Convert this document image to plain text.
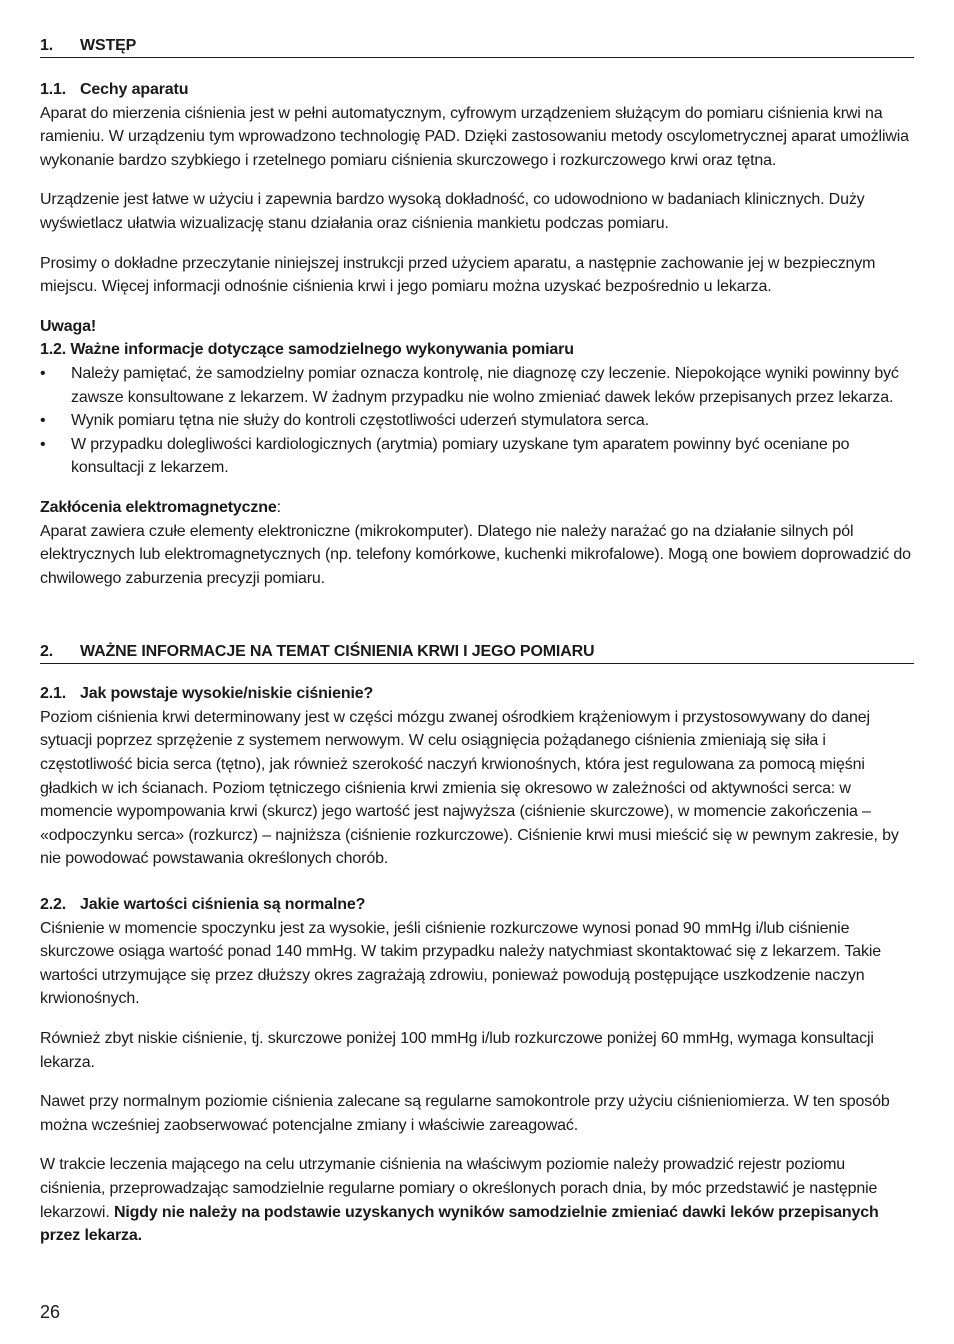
1.	WSTĘP
1.1. Cechy aparatu

Aparat do mierzenia ciśnienia jest w pełni automatycznym, cyfrowym urządzeniem służącym do pomiaru ciśnienia krwi na ramieniu. W urządzeniu tym wprowadzono technologię PAD. Dzięki zastosowaniu metody oscylometrycznej aparat umożliwia wykonanie bardzo szybkiego i rzetelnego pomiaru ciśnienia skurczowego i rozkurczowego krwi oraz tętna.

Urządzenie jest łatwe w użyciu i zapewnia bardzo wysoką dokładność, co udowodniono w badaniach klinicznych. Duży wyświetlacz ułatwia wizualizację stanu działania oraz ciśnienia mankietu podczas pomiaru.

Prosimy o dokładne przeczytanie niniejszej instrukcji przed użyciem aparatu, a następnie zachowanie jej w bezpiecznym miejscu. Więcej informacji odnośnie ciśnienia krwi i jego pomiaru można uzyskać bezpośrednio u lekarza.

Uwaga!
1.2. Ważne informacje dotyczące samodzielnego wykonywania pomiaru
• Należy pamiętać, że samodzielny pomiar oznacza kontrolę, nie diagnozę czy leczenie. Niepokojące wyniki powinny być zawsze konsultowane z lekarzem. W żadnym przypadku nie wolno zmieniać dawek leków przepisanych przez lekarza.
• Wynik pomiaru tętna nie służy do kontroli częstotliwości uderzeń stymulatora serca.
• W przypadku dolegliwości kardiologicznych (arytmia) pomiary uzyskane tym aparatem powinny być oceniane po konsultacji z lekarzem.
Zakłócenia elektromagnetyczne:

Aparat zawiera czułe elementy elektroniczne (mikrokomputer). Dlatego nie należy narażać go na działanie silnych pól elektrycznych lub elektromagnetycznych (np. telefony komórkowe, kuchenki mikrofalowe). Mogą one bowiem doprowadzić do chwilowego zaburzenia precyzji pomiaru.

2.	WAŻNE INFORMACJE NA TEMAT CIŚNIENIA KRWI I JEGO POMIARU
2.1. Jak powstaje wysokie/niskie ciśnienie?

Poziom ciśnienia krwi determinowany jest w części mózgu zwanej ośrodkiem krążeniowym i przystosowywany do danej sytuacji poprzez sprzężenie z systemem nerwowym. W celu osiągnięcia pożądanego ciśnienia zmieniają się siła i częstotliwość bicia serca (tętno), jak również szerokość naczyń krwionośnych, która jest regulowana za pomocą mięśni gładkich w ich ścianach. Poziom tętniczego ciśnienia krwi zmienia się okresowo w zależności od aktywności serca: w momencie wypompowania krwi (skurcz) jego wartość jest najwyższa (ciśnienie skurczowe), w momencie zakończenia – «odpoczynku serca» (rozkurcz) – najniższa (ciśnienie rozkurczowe). Ciśnienie krwi musi mieścić się w pewnym zakresie, by nie powodować powstawania określonych chorób.

2.2. Jakie wartości ciśnienia są normalne?

Ciśnienie w momencie spoczynku jest za wysokie, jeśli ciśnienie rozkurczowe wynosi ponad 90 mmHg i/lub ciśnienie skurczowe osiąga wartość ponad 140 mmHg. W takim przypadku należy natychmiast skontaktować się z lekarzem. Takie wartości utrzymujące się przez dłuższy okres zagrażają zdrowiu, ponieważ powodują postępujące uszkodzenie naczyn krwionośnych.

Również zbyt niskie ciśnienie, tj. skurczowe poniżej 100 mmHg i/lub rozkurczowe poniżej 60 mmHg, wymaga konsultacji lekarza.

Nawet przy normalnym poziomie ciśnienia zalecane są regularne samokontrole przy użyciu ciśnieniomierza. W ten sposób można wcześniej zaobserwować potencjalne zmiany i właściwie zareagować.

W trakcie leczenia mającego na celu utrzymanie ciśnienia na właściwym poziomie należy prowadzić rejestr poziomu ciśnienia, przeprowadzając samodzielnie regularne pomiary o określonych porach dnia, by móc przedstawić je następnie lekarzowi. Nigdy nie należy na podstawie uzyskanych wyników samodzielnie zmieniać dawki leków przepisanych przez lekarza.

26
